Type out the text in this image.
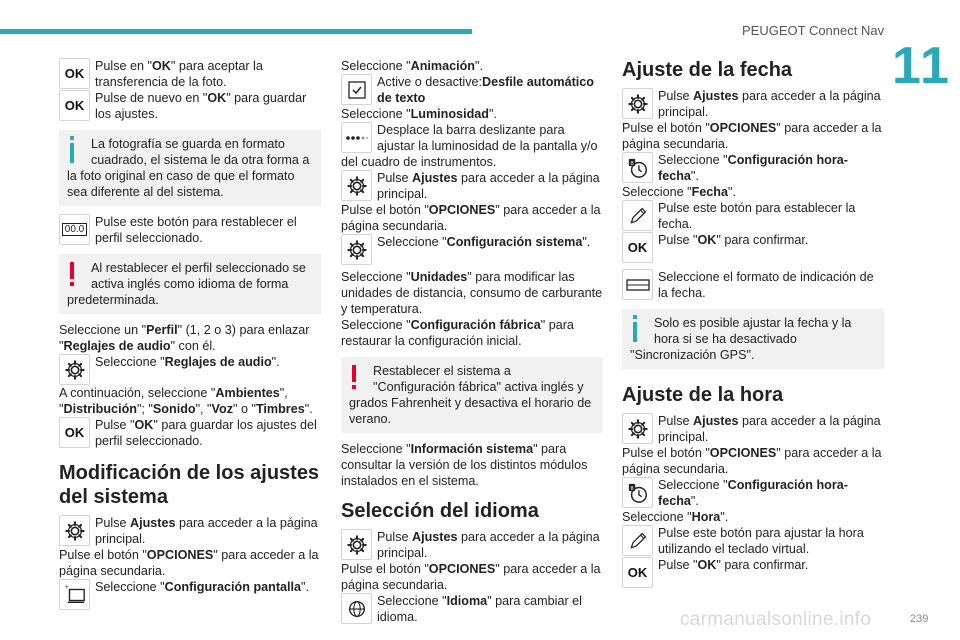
PEUGEOT Connect Nav
11
OK Pulse en "OK" para aceptar la transferencia de la foto.

OK Pulse de nuevo en "OK" para guardar los ajustes.

La fotografía se guarda en formato cuadrado, el sistema le da otra forma a la foto original en caso de que el formato sea diferente al del sistema.

00.0

Pulse este botón para restablecer el perfil seleccionado.

Al restablecer el perfil seleccionado se activa inglés como idioma de forma predeterminada.

Seleccione un "Perfil" (1, 2 o 3) para enlazar "Reglajes de audio" con él.

Seleccione "Reglajes de audio".

A continuación, seleccione "Ambientes", "Distribución"; "Sonido", "Voz" o "Timbres".

OK Pulse "OK" para guardar los ajustes del perfil seleccionado.

Modificación de los ajustes del sistema

Pulse Ajustes para acceder a la página principal.

Pulse el botón "OPCIONES" para acceder a la página secundaria.

Seleccione "Configuración pantalla".

Seleccione "Animación".

Active o desactive:Desfile automático de texto

Seleccione "Luminosidad".

Desplace la barra deslizante para ajustar la luminosidad de la pantalla y/o del cuadro de instrumentos.

Pulse Ajustes para acceder a la página principal.

Pulse el botón "OPCIONES" para acceder a la página secundaria.

Seleccione "Configuración sistema".

Seleccione "Unidades" para modificar las unidades de distancia, consumo de carburante y temperatura.

Seleccione "Configuración fábrica" para restaurar la configuración inicial.

Restablecer el sistema a "Configuración fábrica" activa inglés y grados Fahrenheit y desactiva el horario de verano.

Seleccione "Información sistema" para consultar la versión de los distintos módulos instalados en el sistema.

Selección del idioma

Pulse Ajustes para acceder a la página principal.

Pulse el botón "OPCIONES" para acceder a la página secundaria.

Seleccione "Idioma" para cambiar el idioma.

Ajuste de la fecha

Pulse Ajustes para acceder a la página principal.

Pulse el botón "OPCIONES" para acceder a la página secundaria.

Seleccione "Configuración hora-fecha".

Seleccione "Fecha".

Pulse este botón para establecer la fecha.

OK Pulse "OK" para confirmar.

Seleccione el formato de indicación de la fecha.

Solo es posible ajustar la fecha y la hora si se ha desactivado "Sincronización GPS".

Ajuste de la hora

Pulse Ajustes para acceder a la página principal.

Pulse el botón "OPCIONES" para acceder a la página secundaria.

Seleccione "Configuración hora-fecha".

Seleccione "Hora".

Pulse este botón para ajustar la hora utilizando el teclado virtual.

OK Pulse "OK" para confirmar.

carmanualsonline.info	239
